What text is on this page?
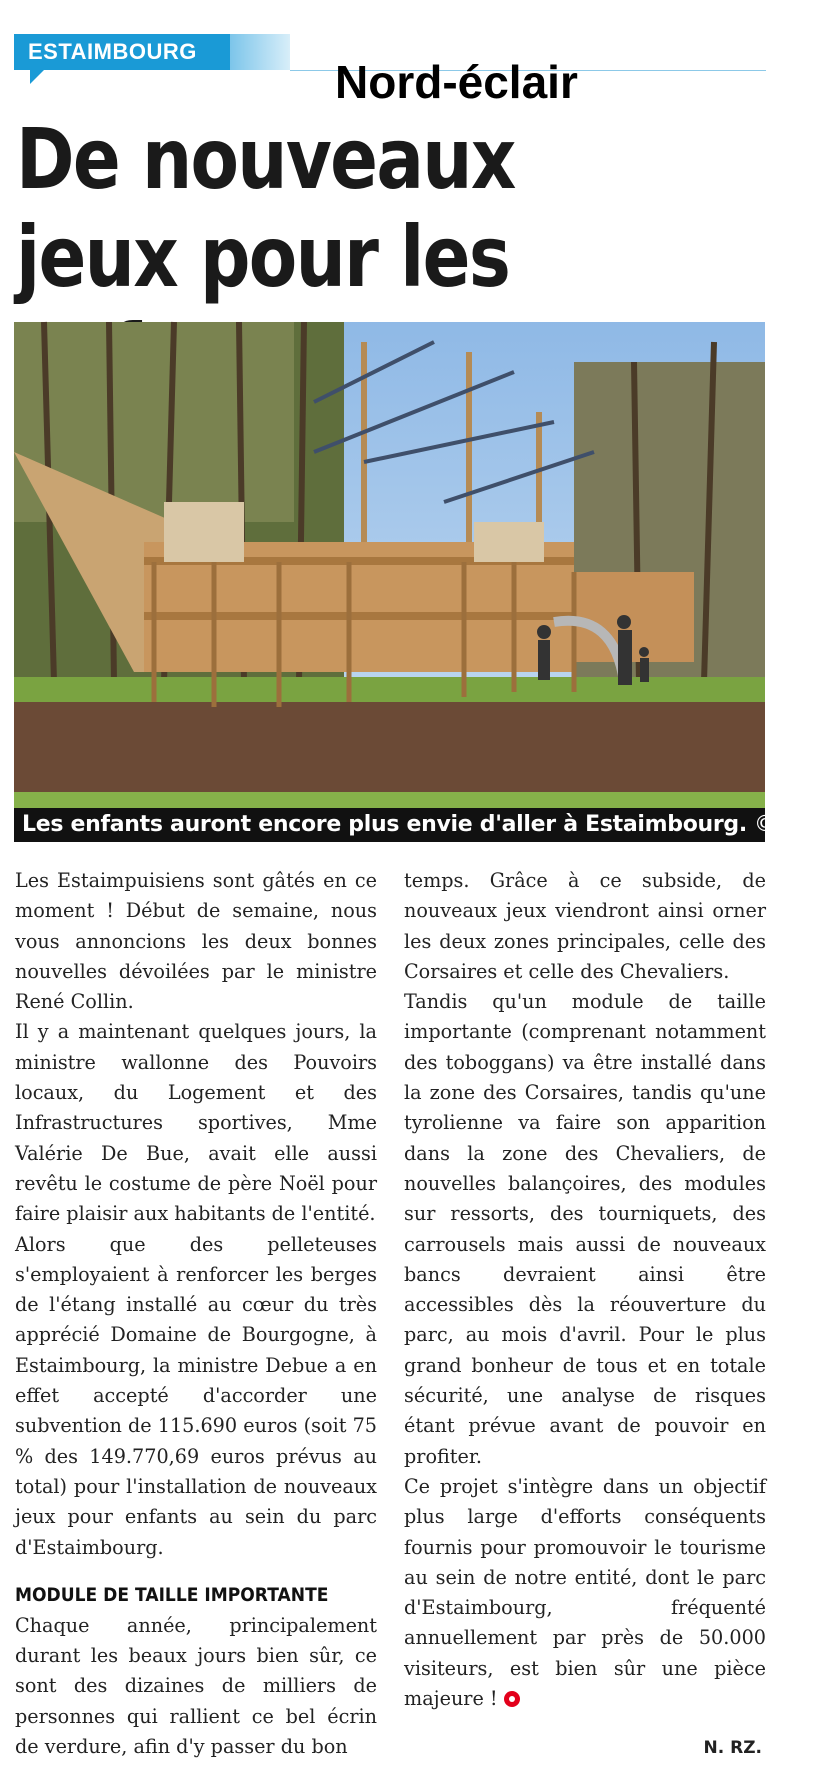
ESTAIMBOURG
Nord-éclair
De nouveaux jeux pour les
Les enfants auront encore plus envie d'aller à Estaimbourg. © D. R.

Les Estaimpuisiens sont gâtés en ce moment ! Début de semaine, nous vous annoncions les deux bonnes nouvelles dévoilées par le ministre René Collin.

Il y a maintenant quelques jours, la ministre wallonne des Pouvoirs locaux, du Logement et des Infrastructures sportives, Mme Valérie De Bue, avait elle aussi revêtu le costume de père Noël pour faire plaisir aux habitants de l'entité.

Alors que des pelleteuses s'employaient à renforcer les berges de l'étang installé au cœur du très apprécié Domaine de Bourgogne, à Estaimbourg, la ministre Debue a en effet accepté d'accorder une subvention de 115.690 euros (soit 75 % des 149.770,69 euros prévus au total) pour l'installation de nouveaux jeux pour enfants au sein du parc d'Estaimbourg.

MODULE DE TAILLE IMPORTANTE

Chaque année, principalement durant les beaux jours bien sûr, ce sont des dizaines de milliers de personnes qui rallient ce bel écrin de verdure, afin d'y passer du bon

temps. Grâce à ce subside, de nouveaux jeux viendront ainsi orner les deux zones principales, celle des Corsaires et celle des Chevaliers.

Tandis qu'un module de taille importante (comprenant notamment des toboggans) va être installé dans la zone des Corsaires, tandis qu'une tyrolienne va faire son apparition dans la zone des Chevaliers, de nouvelles balançoires, des modules sur ressorts, des tourniquets, des carrousels mais aussi de nouveaux bancs devraient ainsi être accessibles dès la réouverture du parc, au mois d'avril. Pour le plus grand bonheur de tous et en totale sécurité, une analyse de risques étant prévue avant de pouvoir en profiter.

Ce projet s'intègre dans un objectif plus large d'efforts conséquents fournis pour promouvoir le tourisme au sein de notre entité, dont le parc d'Estaimbourg, fréquenté annuellement par près de 50.000 visiteurs, est bien sûr une pièce majeure !

N. RZ.
